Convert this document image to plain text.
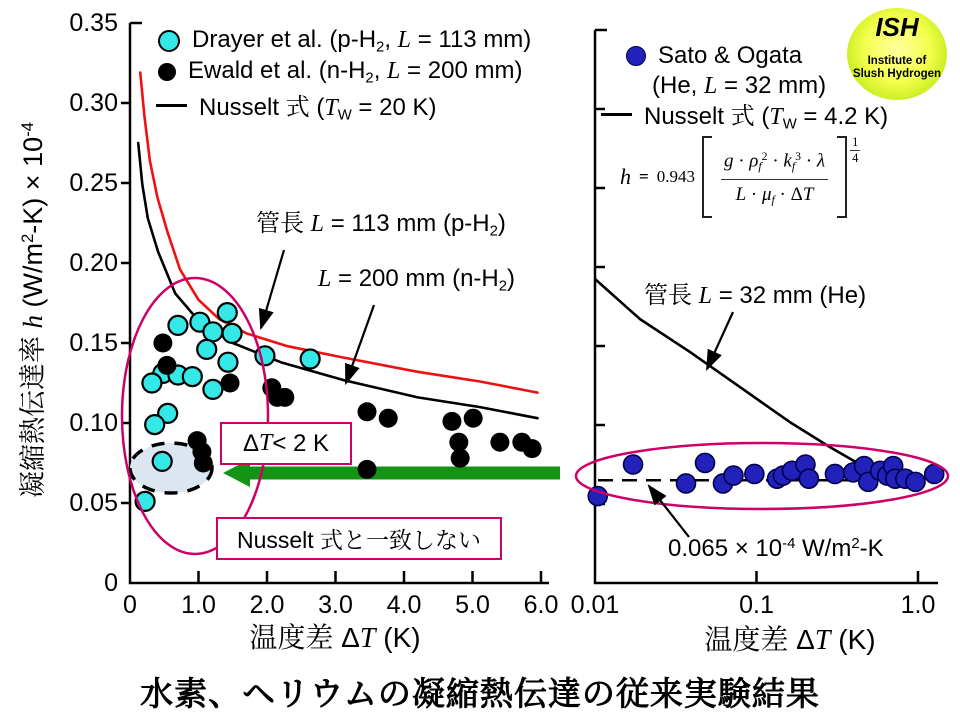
0
0.05
0.10
0.15
0.20
0.25
0.30
0.35
0	1.0	2.0	3.0	4.0	5.0	6.0 0.01	0.1	1.0
凝縮熱伝達率 h $(W/m^2-K) \times 10^{-4}$
温度差 ΔT (K)	温度差 ΔT (K)
Drayer et al. (p-H2, L = 113 mm)
Ewald et al. (n-H2, L = 200 mm)
Nusselt 式 (TW = 20 K)
Sato & Ogata
(He, L = 32 mm)
Nusselt 式 (TW = 4.2 K)
$h = 0.943 \frac{g \cdot \rho f^2 \cdot kf^3 \cdot \lambda}{L \cdot \mu f \cdot \Delta T} \frac{1}{4}$
管長 L = 113 mm (p-H2)
L = 200 mm (n-H2)
Δ T < 2 K
Nusselt 式と一致しない
管長 L = 32 mm (He)
$0.065 \times 10^{-4}$ $W/m^2-K$
ISH
Institute of
Slush Hydrogen
水素、ヘリウムの凝縮熱伝達の従来実験結果
